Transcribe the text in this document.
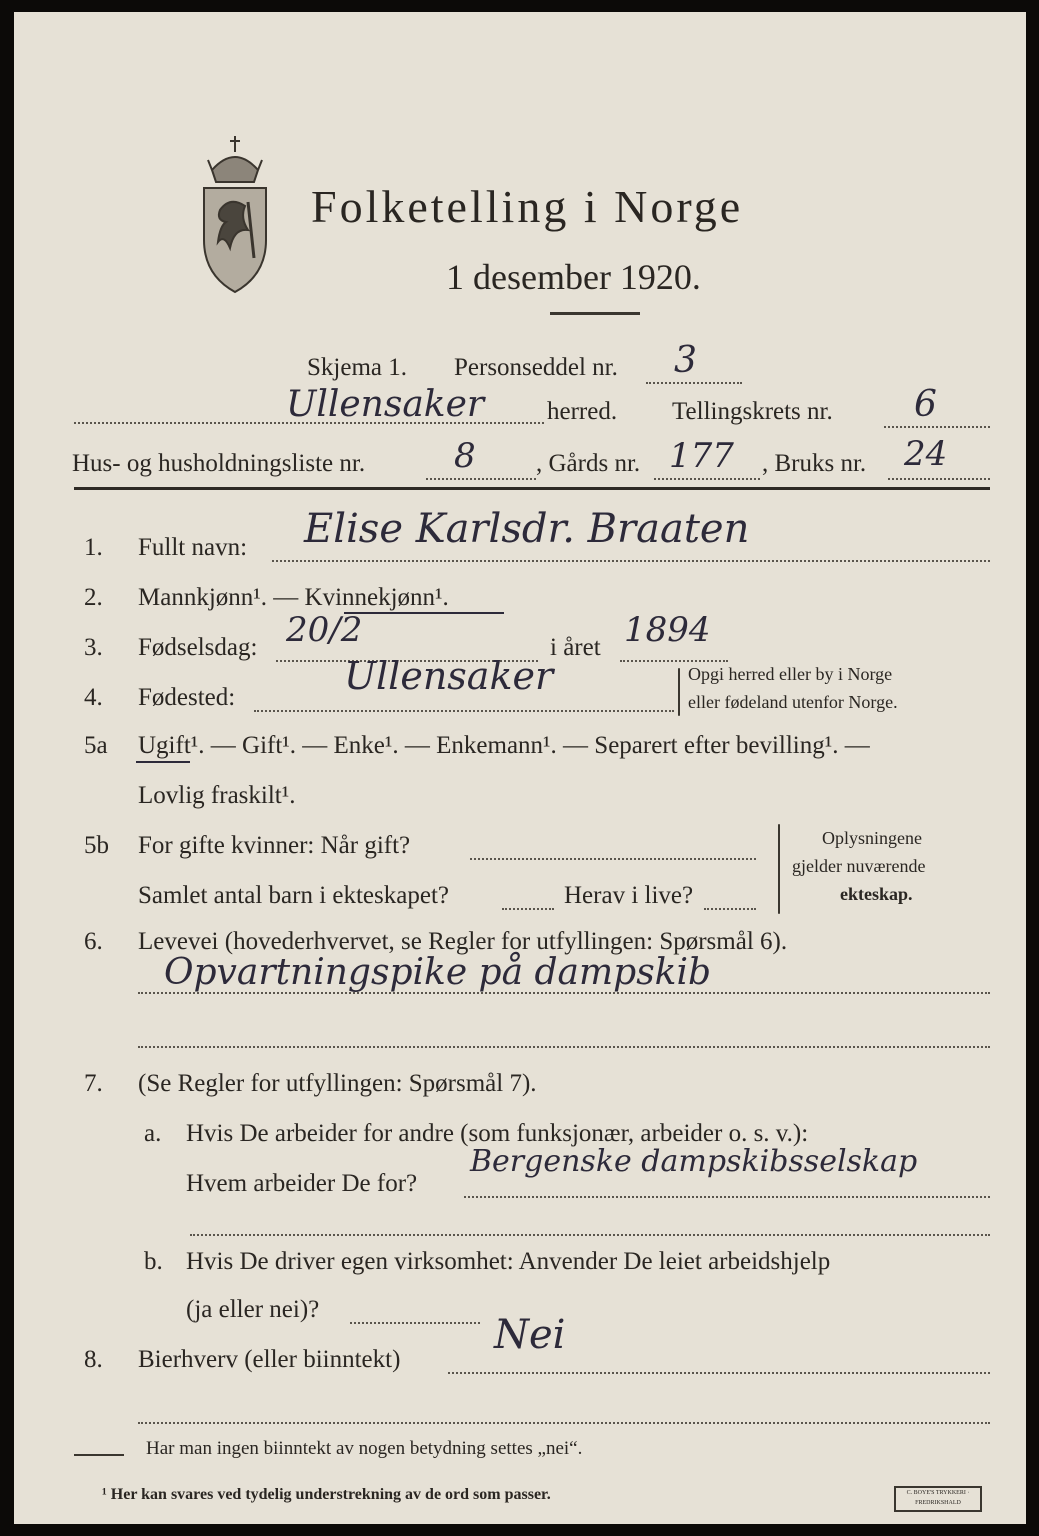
Folketelling i Norge
1 desember 1920.
Skjema 1. Personseddel nr. 3
Ullensaker	herred. Tellingskrets nr. 6
Hus- og husholdningsliste nr.	8 , Gårds nr. 177 , Bruks nr. 24
1. Fullt navn: Elise Karlsdr. Braaten
2. Mannkjønn¹. — Kvinnekjønn¹.
3. Fødselsdag: 20/2	i året 1894
4. Fødested:	Ullensaker	Opgi herred eller by i Norge
eller fødeland utenfor Norge.
5a Ugift¹. — Gift¹. — Enke¹. — Enkemann¹. — Separert efter bevilling¹. —
Lovlig fraskilt¹.
5b For gifte kvinner: Når gift?
Samlet antal barn i ekteskapet?	Herav i live?
Oplysningene
gjelder nuværende
ekteskap.
6. Levevei (hovederhvervet, se Regler for utfyllingen: Spørsmål 6).
Opvartningspike på dampskib
7. (Se Regler for utfyllingen: Spørsmål 7).
a. Hvis De arbeider for andre (som funksjonær, arbeider o. s. v.):
Hvem arbeider De for?
Bergenske dampskibsselskap
b. Hvis De driver egen virksomhet: Anvender De leiet arbeidshjelp
(ja eller nei)?
8. Bierhverv (eller biinntekt)
Nei
Har man ingen biinntekt av nogen betydning settes „nei“.
¹ Her kan svares ved tydelig understrekning av de ord som passer.	C. BOYE'S TRYKKERI · FREDRIKSHALD
